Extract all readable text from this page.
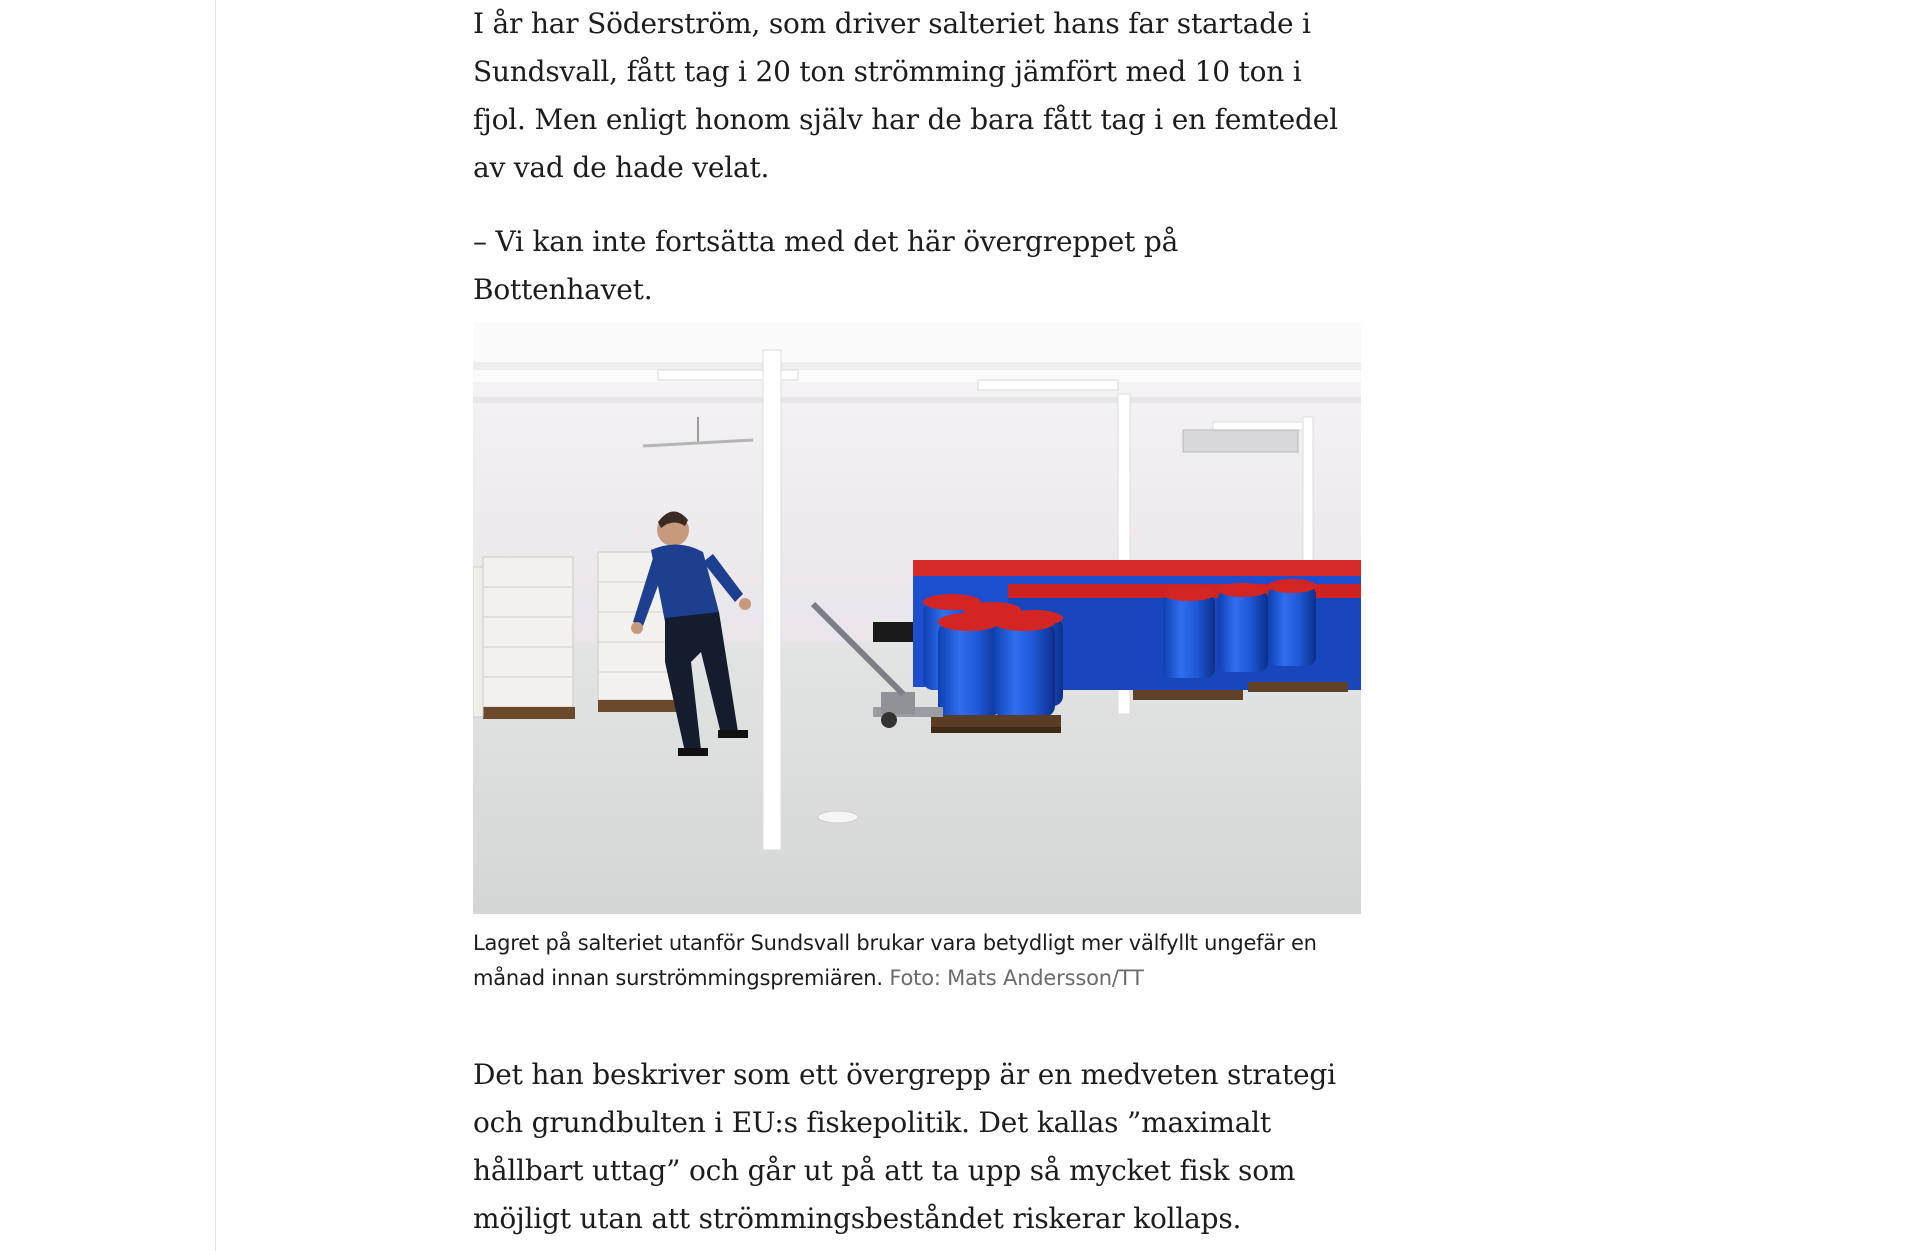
I år har Söderström, som driver salteriet hans far startade i Sundsvall, fått tag i 20 ton strömming jämfört med 10 ton i fjol. Men enligt honom själv har de bara fått tag i en femtedel av vad de hade velat.

– Vi kan inte fortsätta med det här övergreppet på Bottenhavet.

Lagret på salteriet utanför Sundsvall brukar vara betydligt mer välfyllt ungefär en månad innan surströmmingspremiären. Foto: Mats Andersson/TT

Det han beskriver som ett övergrepp är en medveten strategi och grundbulten i EU:s fiskepolitik. Det kallas ”maximalt hållbart uttag” och går ut på att ta upp så mycket fisk som möjligt utan att strömmingsbeståndet riskerar kollaps.
